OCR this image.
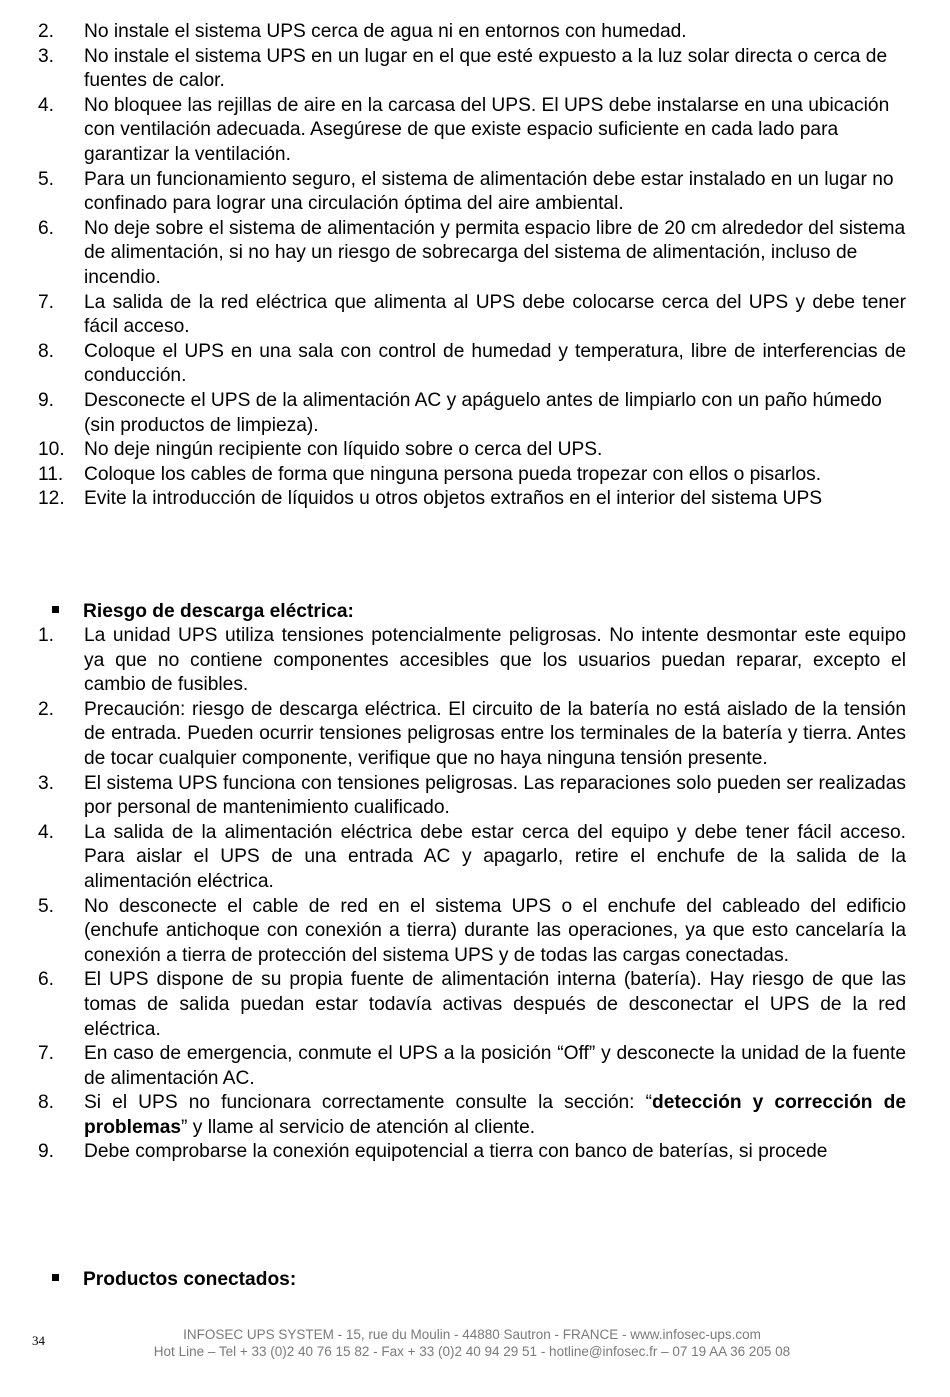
2. No instale el sistema UPS cerca de agua ni en entornos con humedad.
3. No instale el sistema UPS en un lugar en el que esté expuesto a la luz solar directa o cerca de fuentes de calor.
4. No bloquee las rejillas de aire en la carcasa del UPS. El UPS debe instalarse en una ubicación con ventilación adecuada. Asegúrese de que existe espacio suficiente en cada lado para garantizar la ventilación.
5. Para un funcionamiento seguro, el sistema de alimentación debe estar instalado en un lugar no confinado para lograr una circulación óptima del aire ambiental.
6. No deje sobre el sistema de alimentación y permita espacio libre de 20 cm alrededor del sistema de alimentación, si no hay un riesgo de sobrecarga del sistema de alimentación, incluso de incendio.
7. La salida de la red eléctrica que alimenta al UPS debe colocarse cerca del UPS y debe tener fácil acceso.
8. Coloque el UPS en una sala con control de humedad y temperatura, libre de interferencias de conducción.
9. Desconecte el UPS de la alimentación AC y apáguelo antes de limpiarlo con un paño húmedo (sin productos de limpieza).
10. No deje ningún recipiente con líquido sobre o cerca del UPS.
11. Coloque los cables de forma que ninguna persona pueda tropezar con ellos o pisarlos.
12. Evite la introducción de líquidos u otros objetos extraños en el interior del sistema UPS
Riesgo de descarga eléctrica:
1. La unidad UPS utiliza tensiones potencialmente peligrosas. No intente desmontar este equipo ya que no contiene componentes accesibles que los usuarios puedan reparar, excepto el cambio de fusibles.
2. Precaución: riesgo de descarga eléctrica. El circuito de la batería no está aislado de la tensión de entrada. Pueden ocurrir tensiones peligrosas entre los terminales de la batería y tierra. Antes de tocar cualquier componente, verifique que no haya ninguna tensión presente.
3. El sistema UPS funciona con tensiones peligrosas. Las reparaciones solo pueden ser realizadas por personal de mantenimiento cualificado.
4. La salida de la alimentación eléctrica debe estar cerca del equipo y debe tener fácil acceso. Para aislar el UPS de una entrada AC y apagarlo, retire el enchufe de la salida de la alimentación eléctrica.
5. No desconecte el cable de red en el sistema UPS o el enchufe del cableado del edificio (enchufe antichoque con conexión a tierra) durante las operaciones, ya que esto cancelaría la conexión a tierra de protección del sistema UPS y de todas las cargas conectadas.
6. El UPS dispone de su propia fuente de alimentación interna (batería). Hay riesgo de que las tomas de salida puedan estar todavía activas después de desconectar el UPS de la red eléctrica.
7. En caso de emergencia, conmute el UPS a la posición “Off” y desconecte la unidad de la fuente de alimentación AC.
8. Si el UPS no funcionara correctamente consulte la sección: “detección y corrección de problemas” y llame al servicio de atención al cliente.
9. Debe comprobarse la conexión equipotencial a tierra con banco de baterías, si procede
Productos conectados:
34	INFOSEC UPS SYSTEM - 15, rue du Moulin - 44880 Sautron - FRANCE - www.infosec-ups.com
Hot Line – Tel + 33 (0)2 40 76 15 82 - Fax + 33 (0)2 40 94 29 51 - hotline@infosec.fr – 07 19 AA 36 205 08
